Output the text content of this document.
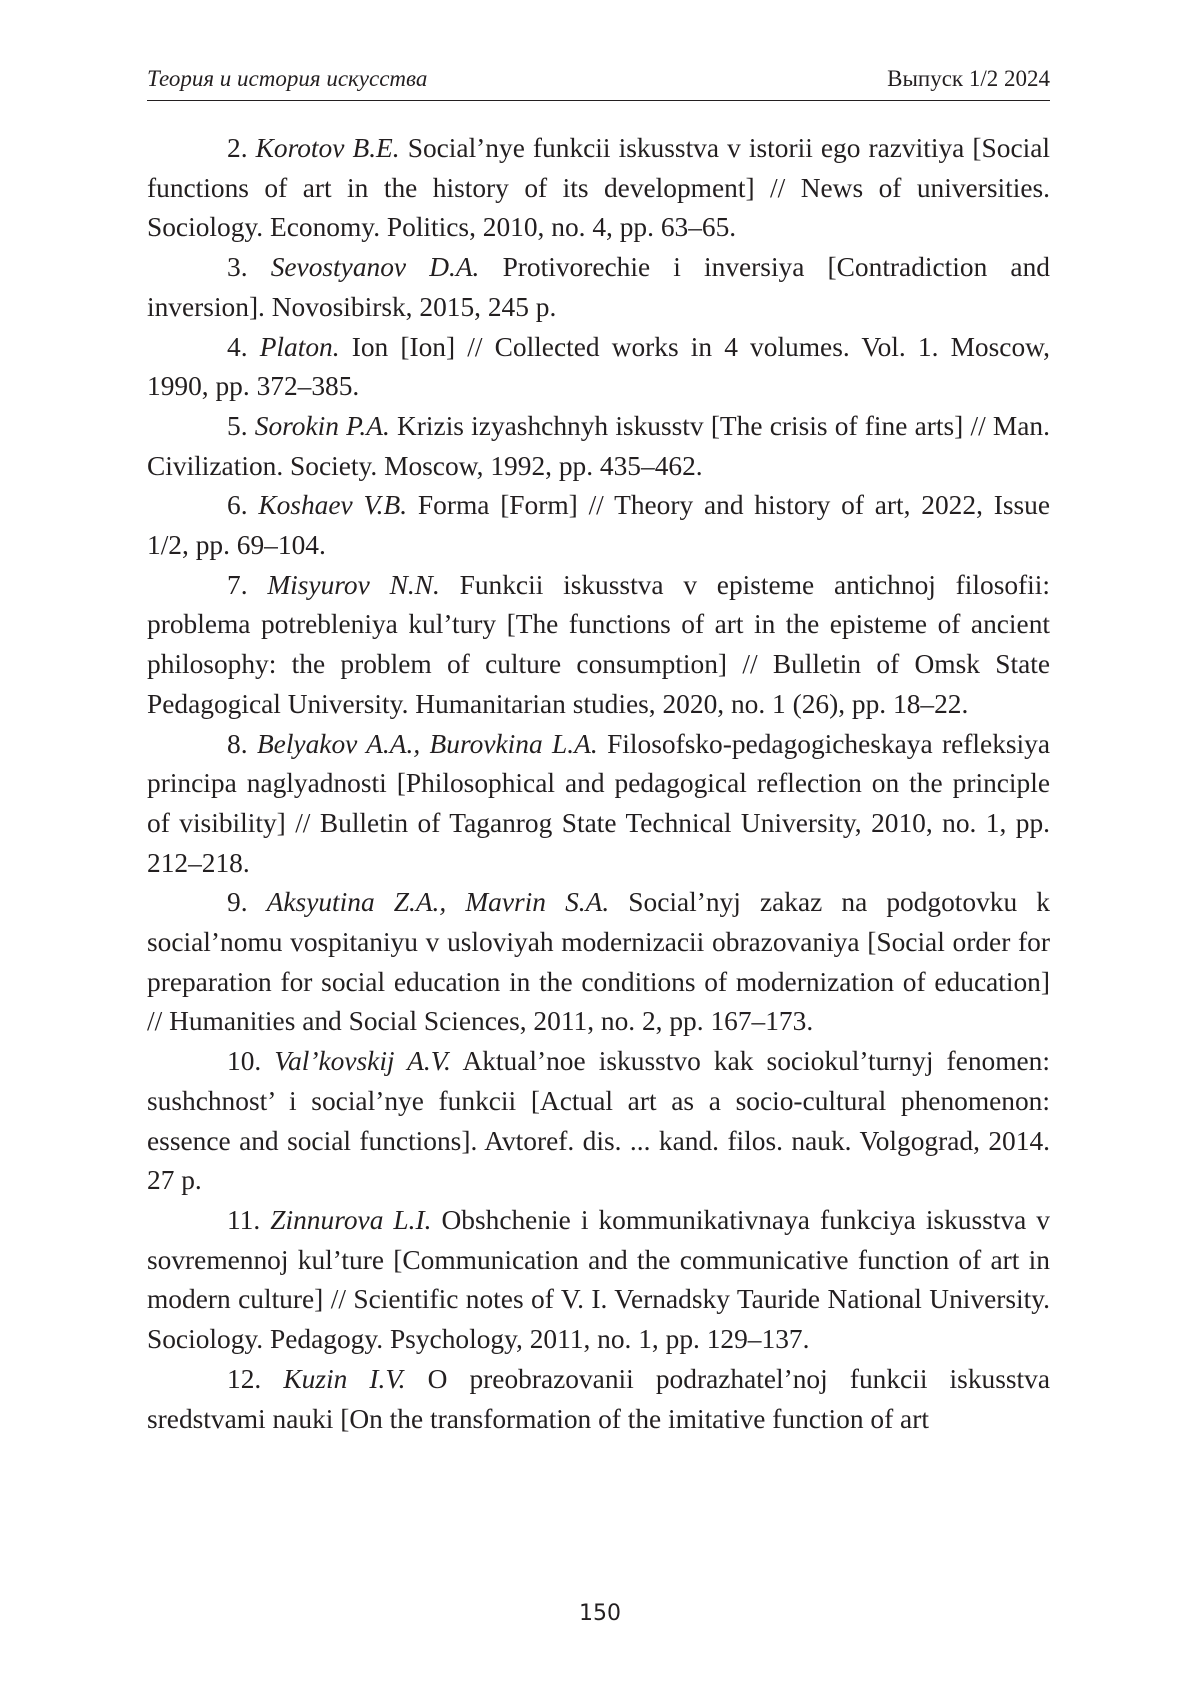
Теория и история искусства	Выпуск 1/2 2024

2. Korotov B.E. Social’nye funkcii iskusstva v istorii ego razviti­ya [Social functions of art in the history of its development] // News of universities. Sociology. Economy. Politics, 2010, no. 4, pp. 63–65.

3. Sevostyanov D.A. Protivorechie i inversiya [Contradiction and inversion]. Novosibirsk, 2015, 245 p.

4. Platon. Ion [Ion] // Collected works in 4 volumes. Vol. 1. Mos­cow, 1990, pp. 372–385.

5. Sorokin P.A. Krizis izyashchnyh iskusstv [The crisis of fine arts] // Man. Civilization. Society. Moscow, 1992, pp. 435–462.

6. Koshaev V.B. Forma [Form] // Theory and history of art, 2022, Issue 1/2, pp. 69–104.

7. Misyurov N.N. Funkcii iskusstva v episteme antichnoj filosofii: problema potrebleniya kul’tury [The functions of art in the episteme of ancient philosophy: the problem of culture consumption] // Bulletin of Omsk State Pedagogical University. Humanitarian studies, 2020, no. 1 (26), pp. 18–22.

8. Belyakov A.A., Burovkina L.A. Filosofsko-pedagogicheskaya refleksiya principa naglyadnosti [Philosophical and pedagogical reflec­tion on the principle of visibility] // Bulletin of Taganrog State Technical University, 2010, no. 1, pp. 212–218.

9. Aksyutina Z.A., Mavrin S.A. Social’nyj zakaz na podgotovku k social’nomu vospitaniyu v usloviyah modernizacii obrazovaniya [So­cial order for preparation for social education in the conditions of mod­ernization of education] // Humanities and Social Sciences, 2011, no. 2, pp. 167–173.

10. Val’kovskij A.V. Aktual’noe iskusstvo kak sociokul’turnyj fenomen: sushchnost’ i social’nye funkcii [Actual art as a socio-cultural phenomenon: essence and social functions]. Avtoref. dis. ... kand. filos. nauk. Volgograd, 2014. 27 p.

11. Zinnurova L.I. Obshchenie i kommunikativnaya funkciya iskusstva v sovremennoj kul’ture [Communication and the communi­cative function of art in modern culture] // Scientific notes of V. I. Ver­nadsky Tauride National University. Sociology. Pedagogy. Psychology, 2011, no. 1, pp. 129–137.

12. Kuzin I.V. O preobrazovanii podrazhatel’noj funkcii iskusstva sredstvami nauki [On the transformation of the imitative function of art

150
